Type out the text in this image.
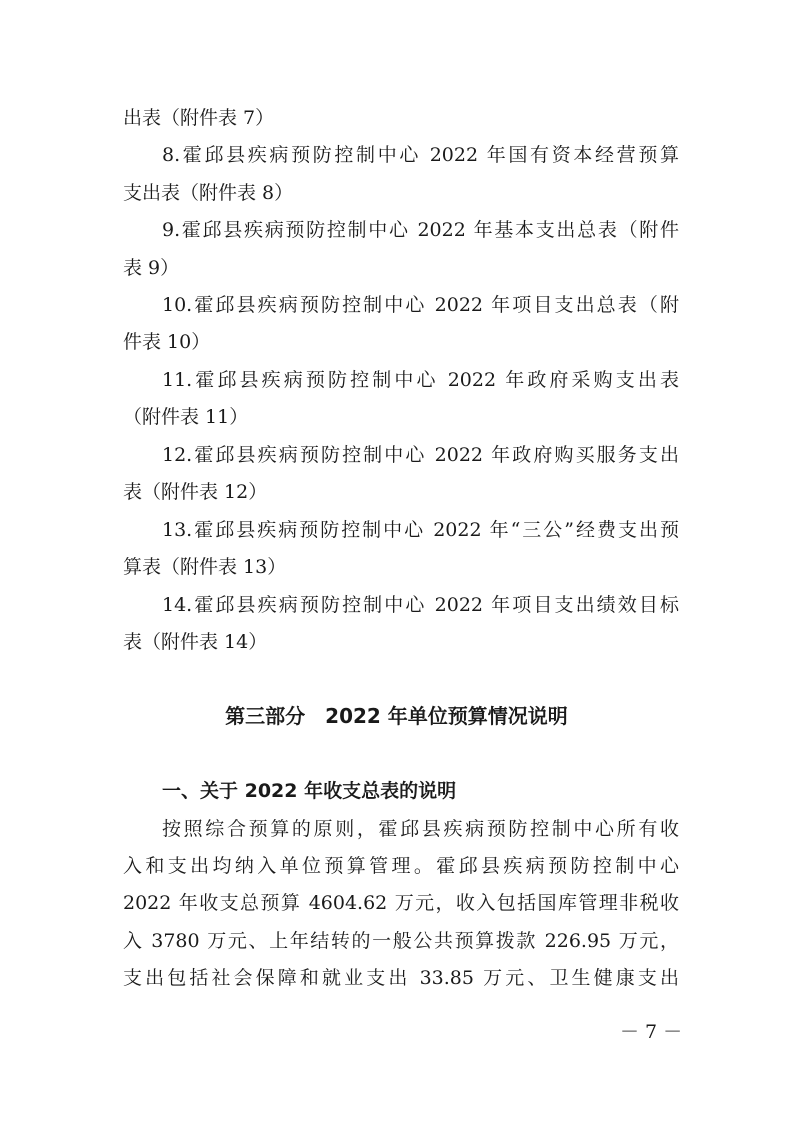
出表（附件表 7）
8.霍邱县疾病预防控制中心 2022 年国有资本经营预算
支出表（附件表 8）
9.霍邱县疾病预防控制中心 2022 年基本支出总表（附件
表 9）
10.霍邱县疾病预防控制中心 2022 年项目支出总表（附
件表 10）
11.霍邱县疾病预防控制中心 2022 年政府采购支出表
（附件表 11）
12.霍邱县疾病预防控制中心 2022 年政府购买服务支出
表（附件表 12）
13.霍邱县疾病预防控制中心 2022 年“三公”经费支出预
算表（附件表 13）
14.霍邱县疾病预防控制中心 2022 年项目支出绩效目标
表（附件表 14）
第三部分　2022 年单位预算情况说明
一、关于 2022 年收支总表的说明
按照综合预算的原则，霍邱县疾病预防控制中心所有收
入和支出均纳入单位预算管理。霍邱县疾病预防控制中心
2022 年收支总预算 4604.62 万元，收入包括国库管理非税收
入 3780 万元、上年结转的一般公共预算拨款 226.95 万元，
支出包括社会保障和就业支出 33.85 万元、卫生健康支出
－ 7 －
